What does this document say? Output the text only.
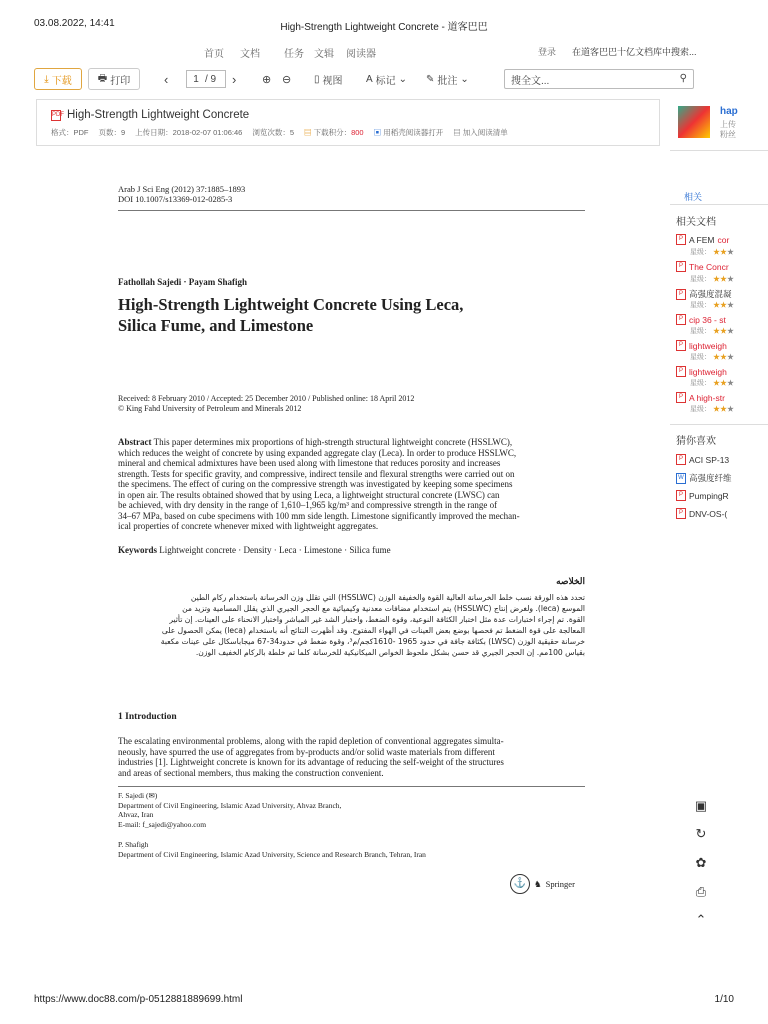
03.08.2022, 14:41	High-Strength Lightweight Concrete - 道客巴巴
首页 文档 任务 文辑 阅读器	登录 在道客巴巴十亿文档库中搜索...
⤓ 下载	🖶 打印	‹	1 / 9 › ⊕ ⊖ ▯ 视图 A 标记 ⌄ ✎ 批注 ⌄	搜全文...	⚲
PDF High-Strength Lightweight Concrete
格式：PDF 页数：9 上传日期：2018-02-07 01:06:46 浏览次数：5 ▤ 下载积分：800 ▣ 用稻壳阅读器打开 ▤ 加入阅读清单
Arab J Sci Eng (2012) 37:1885–1893
DOI 10.1007/s13369-012-0285-3
Fathollah Sajedi · Payam Shafigh
High-Strength Lightweight Concrete Using Leca,
Silica Fume, and Limestone
Received: 8 February 2010 / Accepted: 25 December 2010 / Published online: 18 April 2012
© King Fahd University of Petroleum and Minerals 2012
Abstract This paper determines mix proportions of high-strength structural lightweight concrete (HSSLWC),
which reduces the weight of concrete by using expanded aggregate clay (Leca). In order to produce HSSLWC,
mineral and chemical admixtures have been used along with limestone that reduces porosity and increases
strength. Tests for specific gravity, and compressive, indirect tensile and flexural strengths were carried out on
the specimens. The effect of curing on the compressive strength was investigated by keeping some specimens
in open air. The results obtained showed that by using Leca, a lightweight structural concrete (LWSC) can
be achieved, with dry density in the range of 1,610–1,965 kg/m³ and compressive strength in the range of
34–67 MPa, based on cube specimens with 100 mm side length. Limestone significantly improved the mechan-
ical properties of concrete whenever mixed with lightweight aggregates.
Keywords Lightweight concrete · Density · Leca · Limestone · Silica fume
الخلاصه
تحدد هذه الورقة نسب خلط الخرسانة العالية القوة والخفيفة الوزن (HSSLWC) التي تقلل وزن الخرسانة باستخدام ركام الطين
الموسع (leca). ولغرض إنتاج (HSSLWC) يتم استخدام مضافات معدنية وكيميائية مع الحجر الجيري الذي يقلل المسامية وتزيد من
القوة. تم إجراء اختبارات عدة مثل اختبار الكثافة النوعية، وقوة الضغط، واختبار الشد غير المباشر واختبار الانحناء على العينات. إن تأثير
المعالجة على قوة الضغط تم فحصها بوضع بعض العينات في الهواء المفتوح. وقد أظهرت النتائج أنه باستخدام (leca) يمكن الحصول على
خرسانة حقيقية الوزن (LWSC) بكثافة جافة في حدود 1965 -1610كجم/م³، وقوة ضغط في حدود34-67 ميجاباسكال على عينات مكعبة
بقياس 100مم. إن الحجر الجيري قد حسن بشكل ملحوظ الخواص الميكانيكية للخرسانة كلما تم خلطة بالركام الخفيف الوزن.
1 Introduction
The escalating environmental problems, along with the rapid depletion of conventional aggregates simulta-
neously, have spurred the use of aggregates from by-products and/or solid waste materials from different
industries [1]. Lightweight concrete is known for its advantage of reducing the self-weight of the structures
and areas of sectional members, thus making the construction convenient.
F. Sajedi (✉)
Department of Civil Engineering, Islamic Azad University, Ahvaz Branch,
Ahvaz, Iran
E-mail: f_sajedi@yahoo.com
P. Shafigh
Department of Civil Engineering, Islamic Azad University, Science and Research Branch, Tehran, Iran
⚓ ♞ Springer
hap
上传
粉丝
相关
相关文档
P A FEM cor
星级： ★★★
P The Concr
星级： ★★★
P 高强度混凝
星级： ★★★
P cip 36 - st
星级： ★★★
P lightweigh
星级： ★★★
P lightweigh
星级： ★★★
P A high-str
星级： ★★★
猜你喜欢
P ACI SP-13
W 高强度纤维
P PumpingR
P DNV-OS-(
▣
↻
✿
⎙
⌃
https://www.doc88.com/p-0512881889699.html	1/10
